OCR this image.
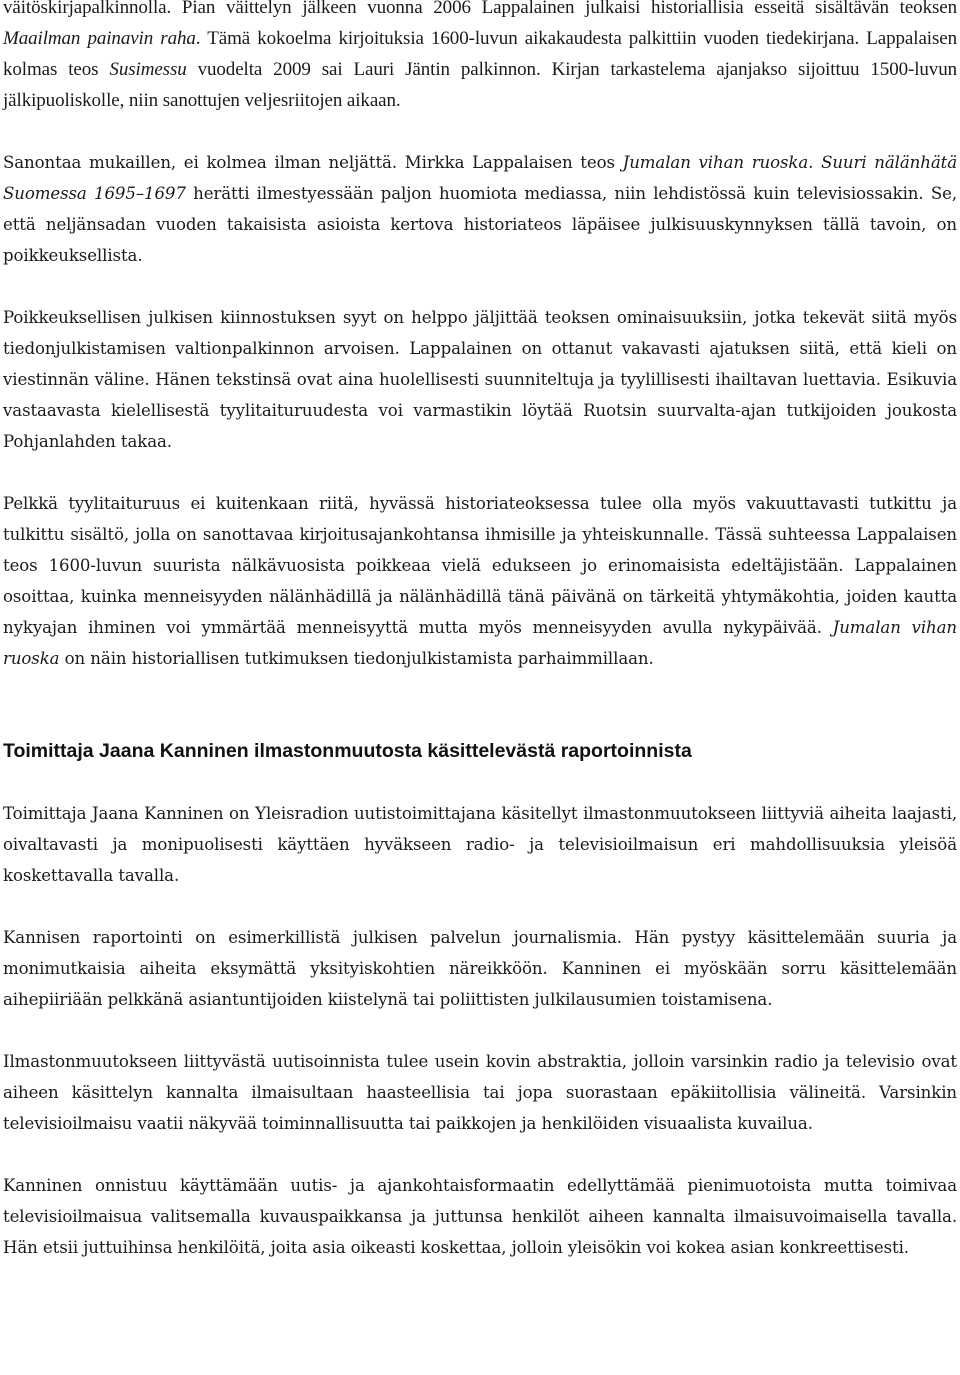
väitöskirjapalkinnolla. Pian väittelyn jälkeen vuonna 2006 Lappalainen julkaisi historiallisia esseitä sisältävän teoksen Maailman painavin raha. Tämä kokoelma kirjoituksia 1600-luvun aikakaudesta palkittiin vuoden tiedekirjana. Lappalaisen kolmas teos Susimessu vuodelta 2009 sai Lauri Jäntin palkinnon. Kirjan tarkastelema ajanjakso sijoittuu 1500-luvun jälkipuoliskolle, niin sanottujen veljesriitojen aikaan.

Sanontaa mukaillen, ei kolmea ilman neljättä. Mirkka Lappalaisen teos Jumalan vihan ruoska. Suuri nälänhätä Suomessa 1695–1697 herätti ilmestyessään paljon huomiota mediassa, niin lehdistössä kuin televisiossakin. Se, että neljänsadan vuoden takaisista asioista kertova historiateos läpäisee julkisuuskynnyksen tällä tavoin, on poikkeuksellista.

Poikkeuksellisen julkisen kiinnostuksen syyt on helppo jäljittää teoksen ominaisuuksiin, jotka tekevät siitä myös tiedonjulkistamisen valtionpalkinnon arvoisen. Lappalainen on ottanut vakavasti ajatuksen siitä, että kieli on viestinnän väline. Hänen tekstinsä ovat aina huolellisesti suunniteltuja ja tyylillisesti ihailtavan luettavia. Esikuvia vastaavasta kielellisestä tyylitaituruudesta voi varmastikin löytää Ruotsin suurvalta-ajan tutkijoiden joukosta Pohjanlahden takaa.

Pelkkä tyylitaituruus ei kuitenkaan riitä, hyvässä historiateoksessa tulee olla myös vakuuttavasti tutkittu ja tulkittu sisältö, jolla on sanottavaa kirjoitusajankohtansa ihmisille ja yhteiskunnalle. Tässä suhteessa Lappalaisen teos 1600-luvun suurista nälkävuosista poikkeaa vielä edukseen jo erinomaisista edeltäjistään. Lappalainen osoittaa, kuinka menneisyyden nälänhädillä ja nälänhädillä tänä päivänä on tärkeitä yhtymäkohtia, joiden kautta nykyajan ihminen voi ymmärtää menneisyyttä mutta myös menneisyyden avulla nykypäivää. Jumalan vihan ruoska on näin historiallisen tutkimuksen tiedonjulkistamista parhaimmillaan.

Toimittaja Jaana Kanninen ilmastonmuutosta käsittelevästä raportoinnista

Toimittaja Jaana Kanninen on Yleisradion uutistoimittajana käsitellyt ilmastonmuutokseen liittyviä aiheita laajasti, oivaltavasti ja monipuolisesti käyttäen hyväkseen radio- ja televisioilmaisun eri mahdollisuuksia yleisöä koskettavalla tavalla.

Kannisen raportointi on esimerkillistä julkisen palvelun journalismia. Hän pystyy käsittelemään suuria ja monimutkaisia aiheita eksymättä yksityiskohtien näreikköön. Kanninen ei myöskään sorru käsittelemään aihepiiriään pelkkänä asiantuntijoiden kiistelynä tai poliittisten julkilausumien toistamisena.

Ilmastonmuutokseen liittyvästä uutisoinnista tulee usein kovin abstraktia, jolloin varsinkin radio ja televisio ovat aiheen käsittelyn kannalta ilmaisultaan haasteellisia tai jopa suorastaan epäkiitollisia välineitä. Varsinkin televisioilmaisu vaatii näkyvää toiminnallisuutta tai paikkojen ja henkilöiden visuaalista kuvailua.

Kanninen onnistuu käyttämään uutis- ja ajankohtaisformaatin edellyttämää pienimuotoista mutta toimivaa televisioilmaisua valitsemalla kuvauspaikkansa ja juttunsa henkilöt aiheen kannalta ilmaisuvoimaisella tavalla. Hän etsii juttuihinsa henkilöitä, joita asia oikeasti koskettaa, jolloin yleisökin voi kokea asian konkreettisesti.
